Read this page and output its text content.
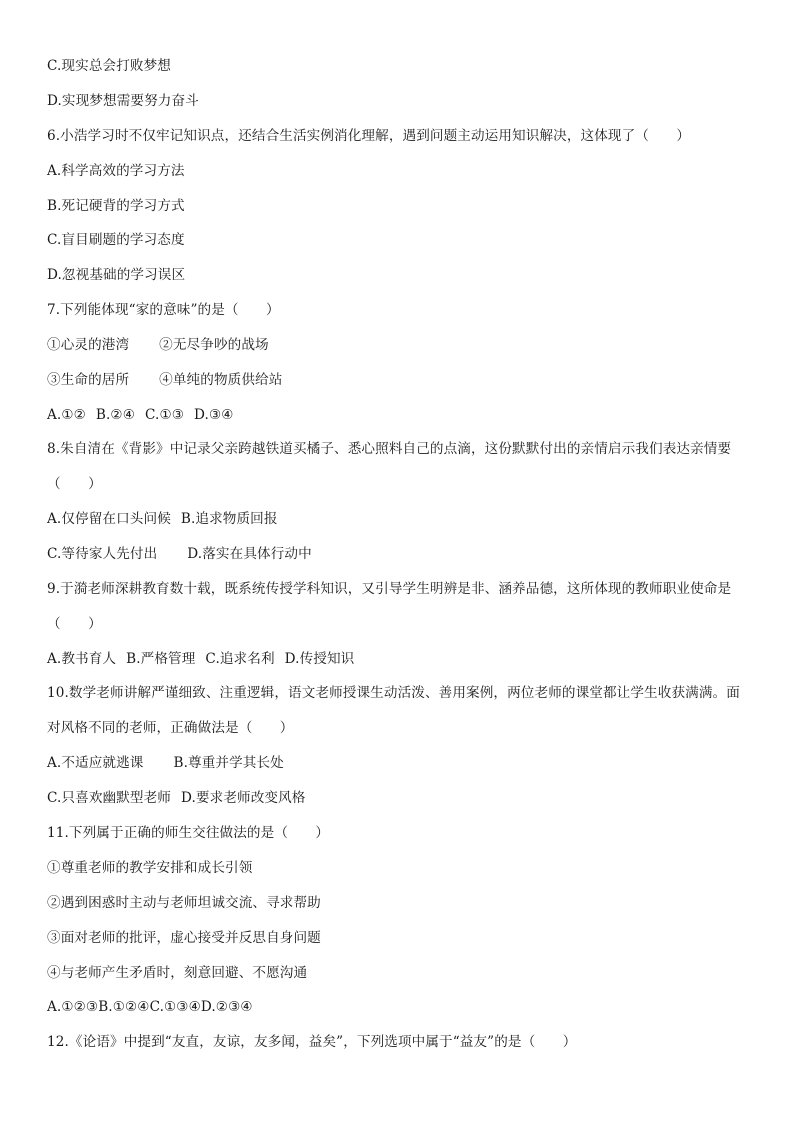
C.现实总会打败梦想
D.实现梦想需要努力奋斗
6.小浩学习时不仅牢记知识点，还结合生活实例消化理解，遇到问题主动运用知识解决，这体现了（　　）
A.科学高效的学习方法
B.死记硬背的学习方式
C.盲目刷题的学习态度
D.忽视基础的学习误区
7.下列能体现“家的意味”的是（　　）
①心灵的港湾 ②无尽争吵的战场
③生命的居所 ④单纯的物质供给站
A.①② B.②④ C.①③ D.③④
8.朱自清在《背影》中记录父亲跨越铁道买橘子、悉心照料自己的点滴，这份默默付出的亲情启示我们表达亲情要
（　　）
A.仅停留在口头问候 B.追求物质回报
C.等待家人先付出 D.落实在具体行动中
9.于漪老师深耕教育数十载，既系统传授学科知识，又引导学生明辨是非、涵养品德，这所体现的教师职业使命是
（　　）
A.教书育人 B.严格管理 C.追求名利 D.传授知识
10.数学老师讲解严谨细致、注重逻辑，语文老师授课生动活泼、善用案例，两位老师的课堂都让学生收获满满。面
对风格不同的老师，正确做法是（　　）
A.不适应就逃课 B.尊重并学其长处
C.只喜欢幽默型老师 D.要求老师改变风格
11.下列属于正确的师生交往做法的是（　　）
①尊重老师的教学安排和成长引领
②遇到困惑时主动与老师坦诚交流、寻求帮助
③面对老师的批评，虚心接受并反思自身问题
④与老师产生矛盾时，刻意回避、不愿沟通
A.①②③B.①②④C.①③④D.②③④
12.《论语》中提到“友直，友谅，友多闻，益矣”，下列选项中属于“益友”的是（　　）
